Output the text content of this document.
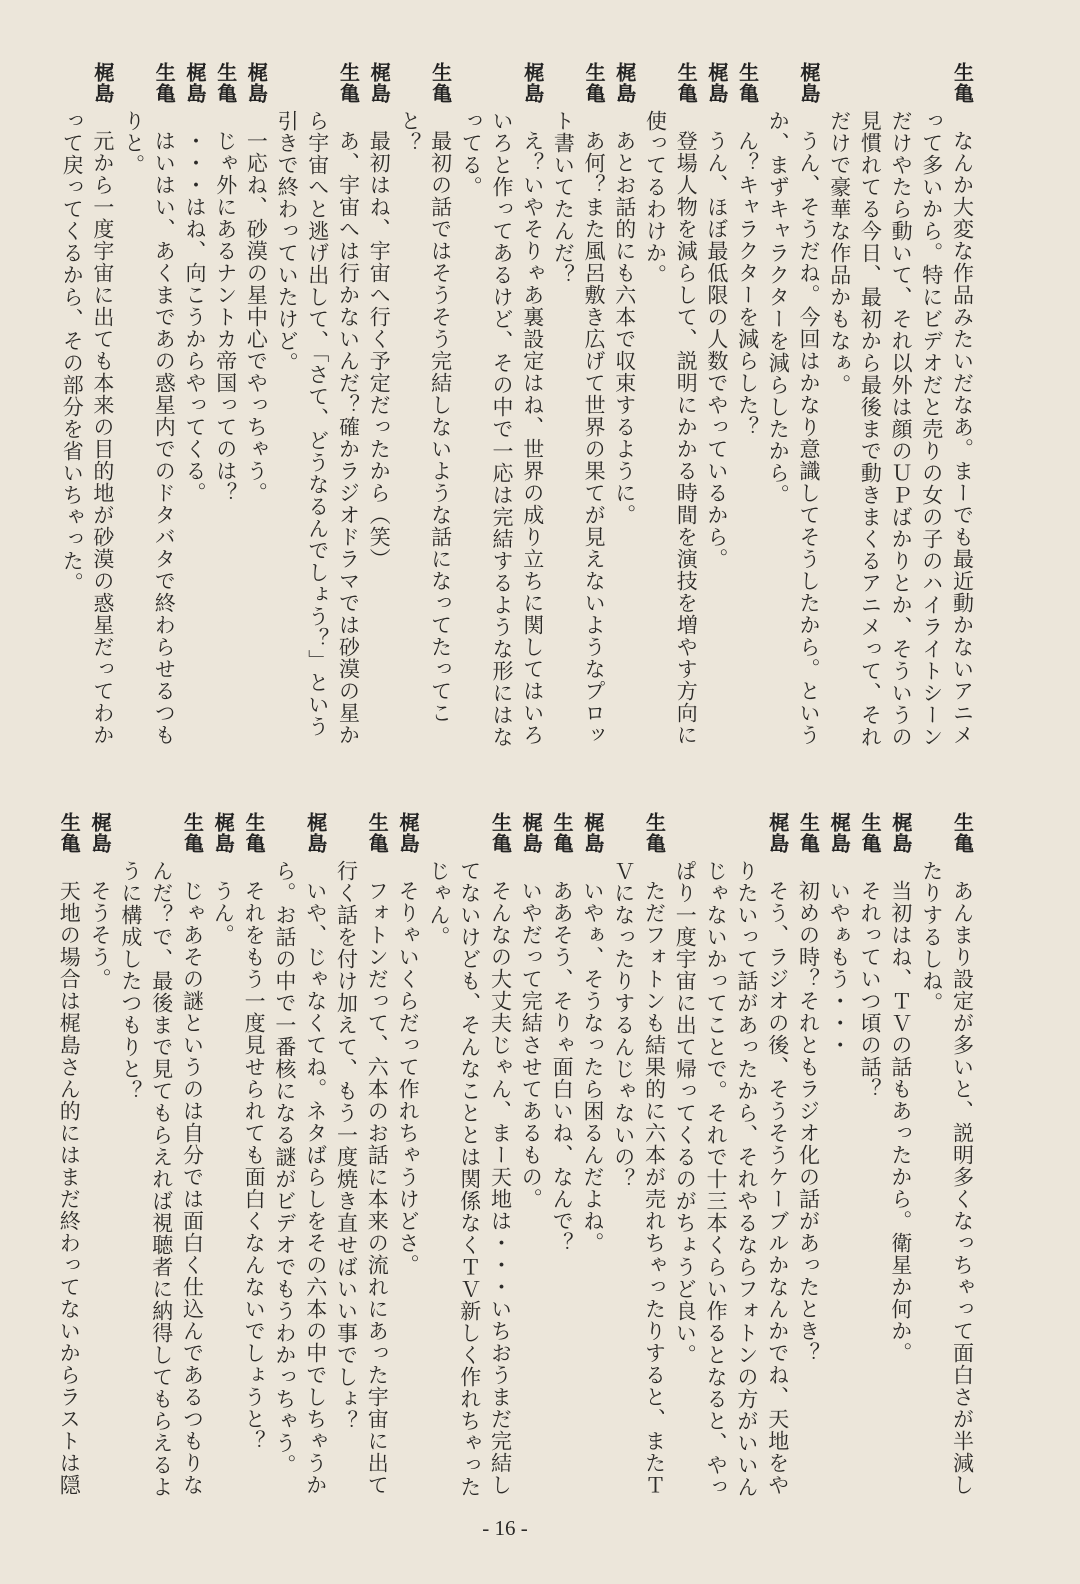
生亀
なんか大変な作品みたいだなあ。まーでも最近動かないアニメ
って多いから。特にビデオだと売りの女の子のハイライトシーン
だけやたら動いて、それ以外は顔のＵＰばかりとか、そういうの
見慣れてる今日、最初から最後まで動きまくるアニメって、それ
だけで豪華な作品かもなぁ。
梶島
うん、そうだね。今回はかなり意識してそうしたから。という
か、まずキャラクターを減らしたから。
生亀
ん？キャラクターを減らした？
梶島
うん、ほぼ最低限の人数でやっているから。
生亀
登場人物を減らして、説明にかかる時間を演技を増やす方向に
使ってるわけか。
梶島
あとお話的にも六本で収束するように。
生亀
あ何？また風呂敷き広げて世界の果てが見えないようなプロッ
ト書いてたんだ？
梶島
え？いやそりゃあ裏設定はね、世界の成り立ちに関してはいろ
いろと作ってあるけど、その中で一応は完結するような形にはな
ってる。
生亀
最初の話ではそうそう完結しないような話になってたってこ
と？
梶島
最初はね、宇宙へ行く予定だったから（笑）
生亀
あ、宇宙へは行かないんだ？確かラジオドラマでは砂漠の星か
ら宇宙へと逃げ出して、「さて、どうなるんでしょう？」という
引きで終わっていたけど。
梶島
一応ね、砂漠の星中心でやっちゃう。
生亀
じゃ外にあるナントカ帝国ってのは？
梶島
・・・はね、向こうからやってくる。
生亀
はいはい、あくまであの惑星内でのドタバタで終わらせるつも
りと。
梶島
元から一度宇宙に出ても本来の目的地が砂漠の惑星だってわか
って戻ってくるから、その部分を省いちゃった。
生亀
あんまり設定が多いと、説明多くなっちゃって面白さが半減し
たりするしね。
梶島
当初はね、ＴＶの話もあったから。衛星か何か。
生亀
それっていつ頃の話？
梶島
いやぁもう・・・
生亀
初めの時？それともラジオ化の話があったとき？
梶島
そう、ラジオの後、そうそうケーブルかなんかでね、天地をや
りたいって話があったから、それやるならフォトンの方がいいん
じゃないかってことで。それで十三本くらい作るとなると、やっ
ぱり一度宇宙に出て帰ってくるのがちょうど良い。
生亀
ただフォトンも結果的に六本が売れちゃったりすると、またＴ
Ｖになったりするんじゃないの？
梶島
いやぁ、そうなったら困るんだよね。
生亀
ああそう、そりゃ面白いね、なんで？
梶島
いやだって完結させてあるもの。
生亀
そんなの大丈夫じゃん、まー天地は・・・いちおうまだ完結し
てないけども、そんなこととは関係なくＴＶ新しく作れちゃった
じゃん。
梶島
そりゃいくらだって作れちゃうけどさ。
生亀
フォトンだって、六本のお話に本来の流れにあった宇宙に出て
行く話を付け加えて、もう一度焼き直せばいい事でしょ？
梶島
いや、じゃなくてね。ネタばらしをその六本の中でしちゃうか
ら。お話の中で一番核になる謎がビデオでもうわかっちゃう。
生亀
それをもう一度見せられても面白くなんないでしょうと？
梶島
うん。
生亀
じゃあその謎というのは自分では面白く仕込んであるつもりな
んだ？で、最後まで見てもらえれば視聴者に納得してもらえるよ
うに構成したつもりと？
梶島
そうそう。
生亀
天地の場合は梶島さん的にはまだ終わってないからラストは隠
- 16 -
